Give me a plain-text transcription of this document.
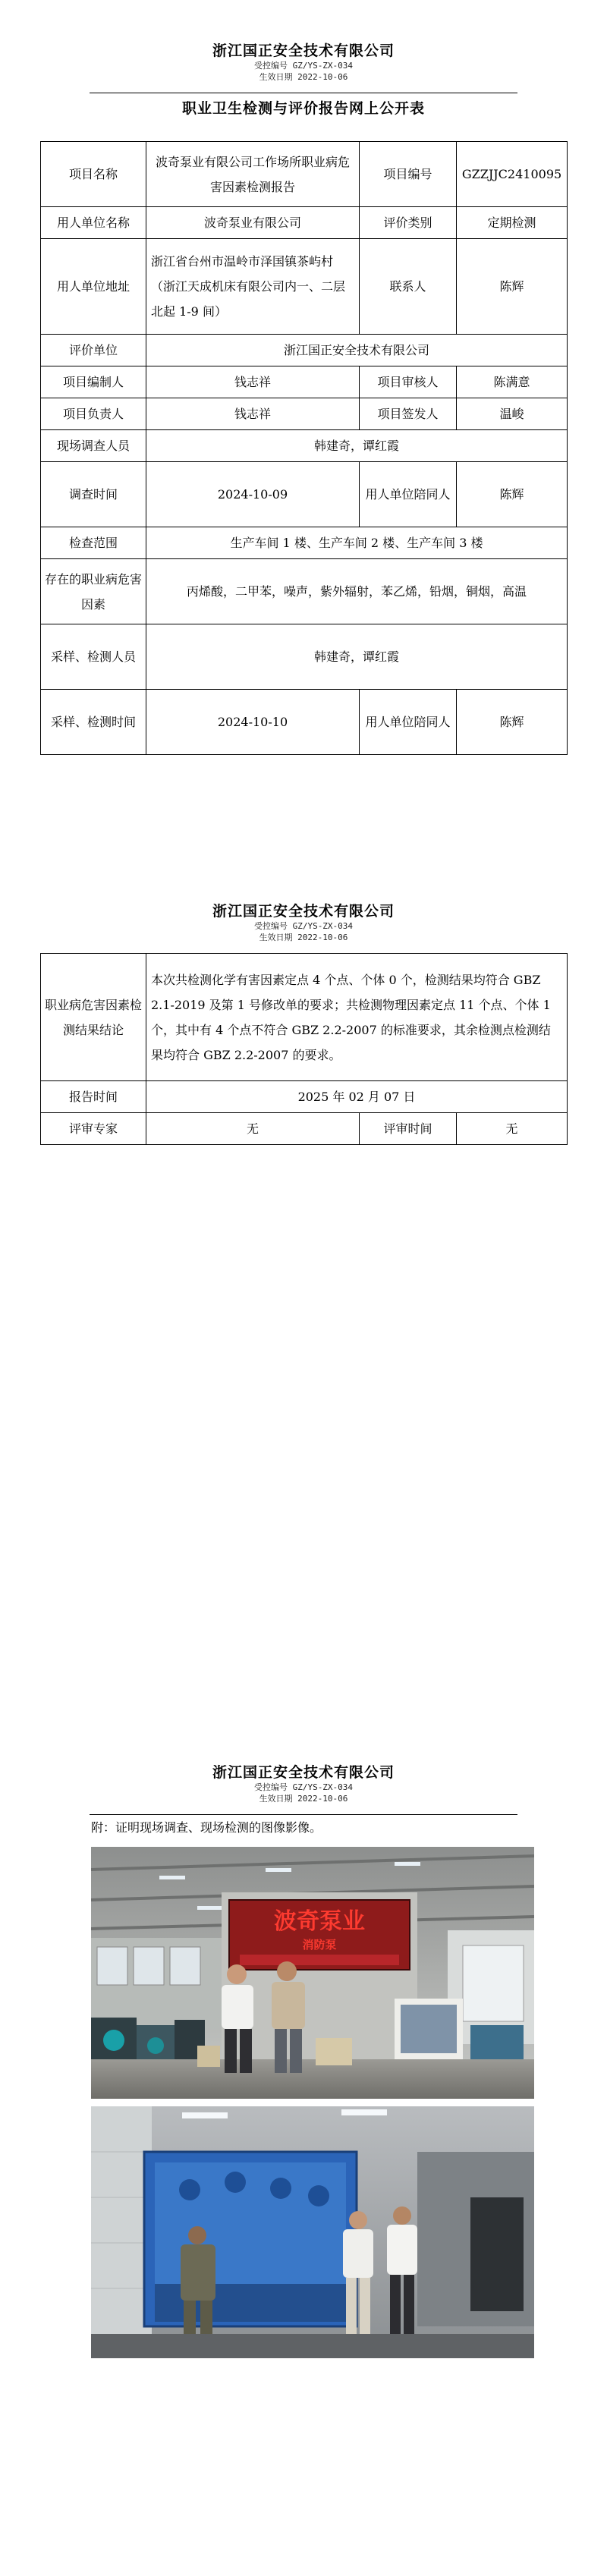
浙江国正安全技术有限公司
受控编号 GZ/YS-ZX-034
生效日期 2022-10-06
职业卫生检测与评价报告网上公开表
项目名称	波奇泵业有限公司工作场所职业病危害因素检测报告	项目编号	GZZJJC2410095
用人单位名称	波奇泵业有限公司	评价类别	定期检测
用人单位地址	浙江省台州市温岭市泽国镇茶屿村（浙江天成机床有限公司内一、二层北起 1-9 间）	联系人	陈辉
评价单位	浙江国正安全技术有限公司		
项目编制人	钱志祥	项目审核人	陈满意
项目负责人	钱志祥	项目签发人	温峻
现场调查人员	韩建奇，谭红霞		
调查时间	2024-10-09	用人单位陪同人	陈辉
检查范围	生产车间 1 楼、生产车间 2 楼、生产车间 3 楼		
存在的职业病危害因素	丙烯酸，二甲苯，噪声，紫外辐射，苯乙烯，铅烟，铜烟，高温		
采样、检测人员	韩建奇，谭红霞		
采样、检测时间	2024-10-10	用人单位陪同人	陈辉
浙江国正安全技术有限公司
受控编号 GZ/YS-ZX-034
生效日期 2022-10-06
职业病危害因素检测结果结论	本次共检测化学有害因素定点 4 个点、个体 0 个，检测结果均符合 GBZ 2.1-2019 及第 1 号修改单的要求；共检测物理因素定点 11 个点、个体 1 个，其中有 4 个点不符合 GBZ 2.2-2007 的标准要求，其余检测点检测结果均符合 GBZ 2.2-2007 的要求。		
报告时间	2025 年 02 月 07 日		
评审专家	无	评审时间	无
浙江国正安全技术有限公司
受控编号 GZ/YS-ZX-034
生效日期 2022-10-06
附：证明现场调查、现场检测的图像影像。
波奇泵业
消防泵
